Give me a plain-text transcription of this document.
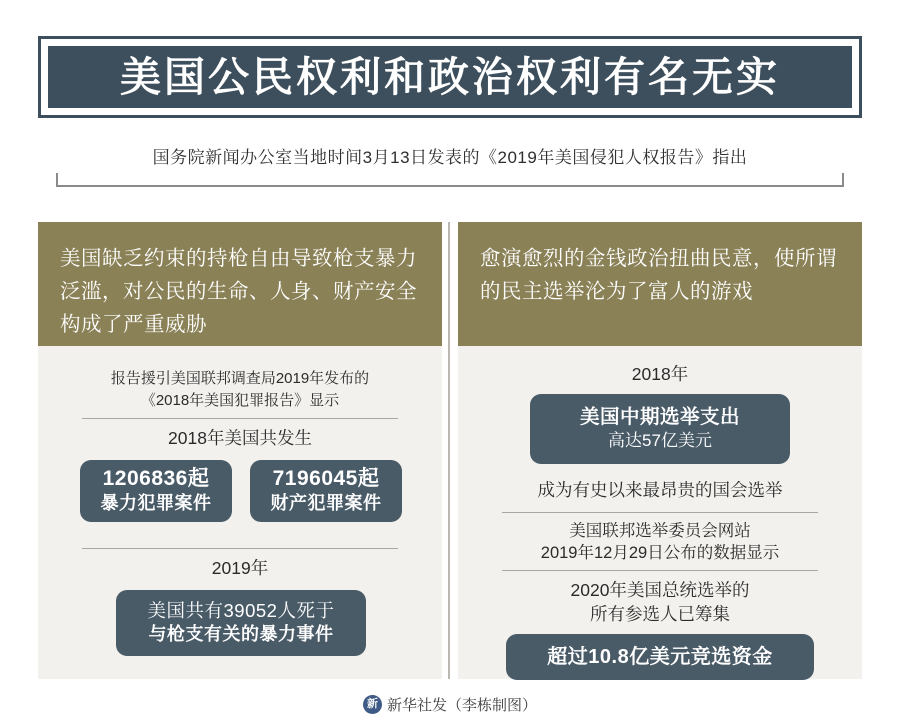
美国公民权利和政治权利有名无实
国务院新闻办公室当地时间3月13日发表的《2019年美国侵犯人权报告》指出
美国缺乏约束的持枪自由导致枪支暴力泛滥，对公民的生命、人身、财产安全构成了严重威胁
报告援引美国联邦调查局2019年发布的
《2018年美国犯罪报告》显示
2018年美国共发生
1206836起
暴力犯罪案件
7196045起
财产犯罪案件
2019年
美国共有39052人死于
与枪支有关的暴力事件
愈演愈烈的金钱政治扭曲民意，使所谓的民主选举沦为了富人的游戏
2018年
美国中期选举支出
高达57亿美元
成为有史以来最昂贵的国会选举
美国联邦选举委员会网站
2019年12月29日公布的数据显示
2020年美国总统选举的
所有参选人已筹集
超过10.8亿美元竞选资金
新 新华社发（李栋制图）
